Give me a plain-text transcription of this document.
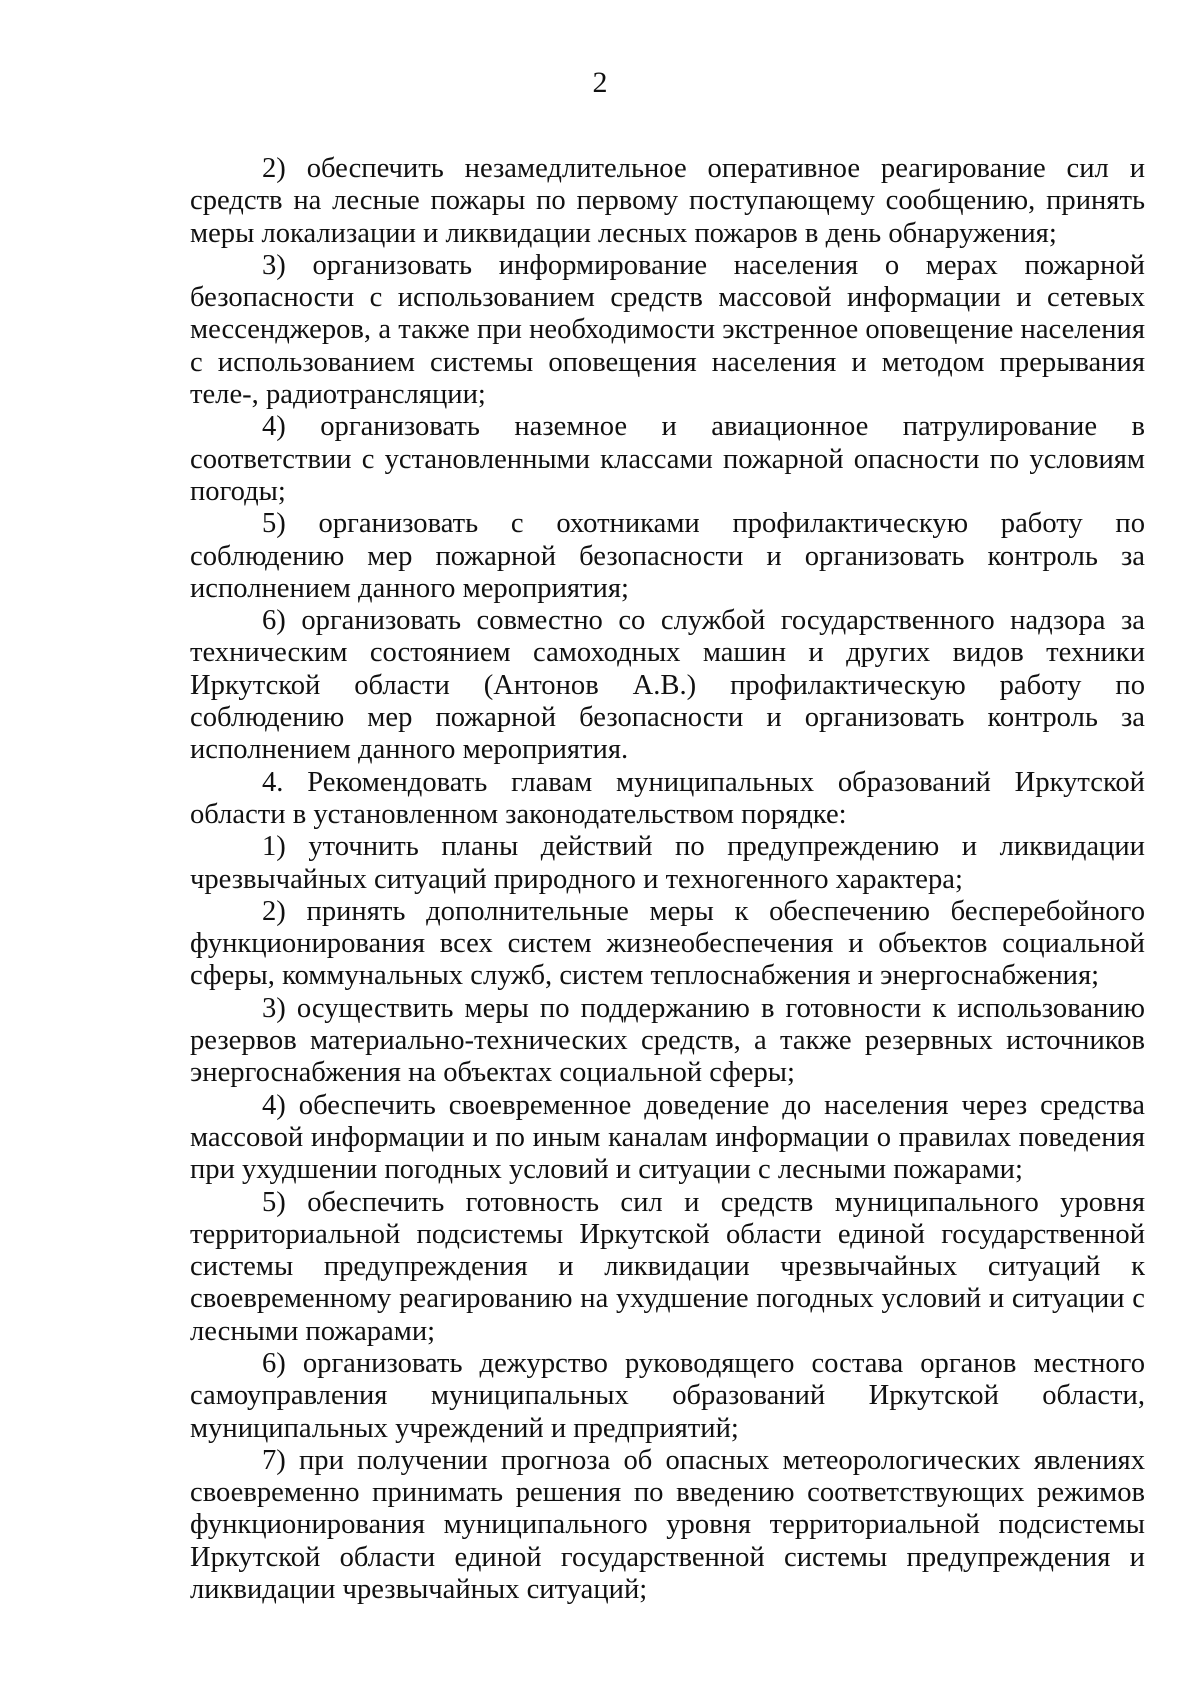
2

2) обеспечить незамедлительное оперативное реагирование сил и средств на лесные пожары по первому поступающему сообщению, принять меры локализации и ликвидации лесных пожаров в день обнаружения;

3) организовать информирование населения о мерах пожарной безопасности с использованием средств массовой информации и сетевых мессенджеров, а также при необходимости экстренное оповещение населения с использованием системы оповещения населения и методом прерывания теле-, радиотрансляции;

4) организовать наземное и авиационное патрулирование в соответствии с установленными классами пожарной опасности по условиям погоды;

5) организовать с охотниками профилактическую работу по соблюдению мер пожарной безопасности и организовать контроль за исполнением данного мероприятия;

6) организовать совместно со службой государственного надзора за техническим состоянием самоходных машин и других видов техники Иркутской области (Антонов А.В.) профилактическую работу по соблюдению мер пожарной безопасности и организовать контроль за исполнением данного мероприятия.

4. Рекомендовать главам муниципальных образований Иркутской области в установленном законодательством порядке:

1) уточнить планы действий по предупреждению и ликвидации чрезвычайных ситуаций природного и техногенного характера;

2) принять дополнительные меры к обеспечению бесперебойного функционирования всех систем жизнеобеспечения и объектов социальной сферы, коммунальных служб, систем теплоснабжения и энергоснабжения;

3) осуществить меры по поддержанию в готовности к использованию резервов материально-технических средств, а также резервных источников энергоснабжения на объектах социальной сферы;

4) обеспечить своевременное доведение до населения через средства массовой информации и по иным каналам информации о правилах поведения при ухудшении погодных условий и ситуации с лесными пожарами;

5) обеспечить готовность сил и средств муниципального уровня территориальной подсистемы Иркутской области единой государственной системы предупреждения и ликвидации чрезвычайных ситуаций к своевременному реагированию на ухудшение погодных условий и ситуации с лесными пожарами;

6) организовать дежурство руководящего состава органов местного самоуправления муниципальных образований Иркутской области, муниципальных учреждений и предприятий;

7) при получении прогноза об опасных метеорологических явлениях своевременно принимать решения по введению соответствующих режимов функционирования муниципального уровня территориальной подсистемы Иркутской области единой государственной системы предупреждения и ликвидации чрезвычайных ситуаций;
